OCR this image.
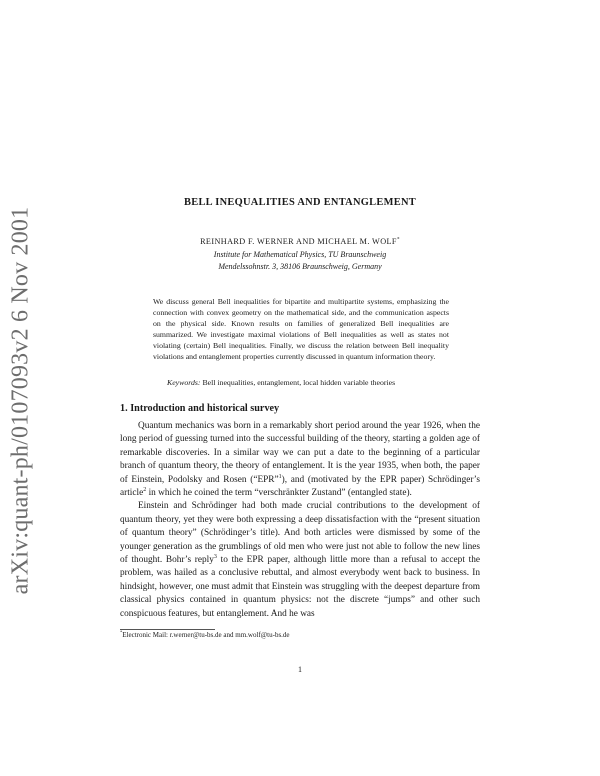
arXiv:quant-ph/0107093v2 6 Nov 2001
BELL INEQUALITIES AND ENTANGLEMENT
REINHARD F. WERNER AND MICHAEL M. WOLF*
Institute for Mathematical Physics, TU Braunschweig
Mendelssohnstr. 3, 38106 Braunschweig, Germany

We discuss general Bell inequalities for bipartite and multipartite systems, emphasizing the connection with convex geometry on the mathematical side, and the communication aspects on the physical side. Known results on families of generalized Bell inequalities are summarized. We investigate maximal violations of Bell inequalities as well as states not violating (certain) Bell inequalities. Finally, we discuss the relation between Bell inequality violations and entanglement properties currently discussed in quantum information theory.

Keywords: Bell inequalities, entanglement, local hidden variable theories

1. Introduction and historical survey

Quantum mechanics was born in a remarkably short period around the year 1926, when the long period of guessing turned into the successful building of the theory, starting a golden age of remarkable discoveries. In a similar way we can put a date to the beginning of a particular branch of quantum theory, the theory of entanglement. It is the year 1935, when both, the paper of Einstein, Podolsky and Rosen (“EPR”$^1$), and (motivated by the EPR paper) Schrödinger’s article$^2$ in which he coined the term “verschränkter Zustand” (entangled state).

Einstein and Schrödinger had both made crucial contributions to the development of quantum theory, yet they were both expressing a deep dissatisfaction with the “present situation of quantum theory” (Schrödinger’s title). And both articles were dismissed by some of the younger generation as the grumblings of old men who were just not able to follow the new lines of thought. Bohr’s reply$^3$ to the EPR paper, although little more than a refusal to accept the problem, was hailed as a conclusive rebuttal, and almost everybody went back to business. In hindsight, however, one must admit that Einstein was struggling with the deepest departure from classical physics contained in quantum physics: not the discrete “jumps” and other such conspicuous features, but entanglement. And he was

*Electronic Mail: r.werner@tu-bs.de and mm.wolf@tu-bs.de
1
